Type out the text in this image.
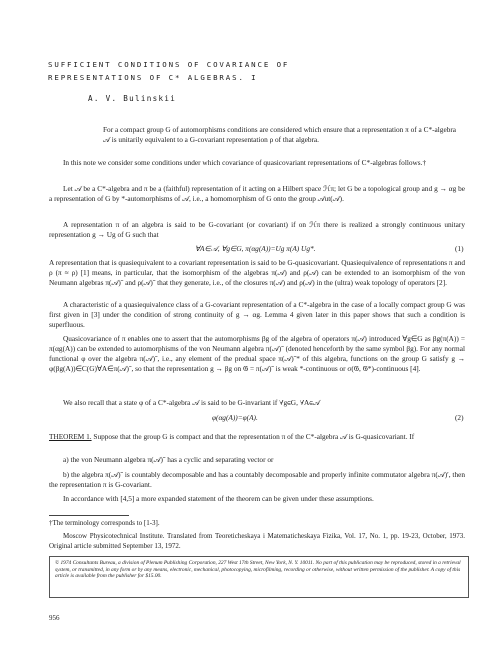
SUFFICIENT CONDITIONS OF COVARIANCE OF
REPRESENTATIONS OF C* ALGEBRAS. I
A. V. Bulinskii
For a compact group G of automorphisms conditions are considered which ensure that a representation π of a C*-algebra 𝒜 is unitarily equivalent to a G-covariant representation ρ of that algebra.
In this note we consider some conditions under which covariance of quasicovariant representations of C*-algebras follows.†
Let 𝒜 be a C*-algebra and π be a (faithful) representation of it acting on a Hilbert space ℋπ; let G be a topological group and g → αg be a representation of G by *-automorphisms of 𝒜, i.e., a homomorphism of G onto the group 𝒜ut(𝒜).
A representation π of an algebra is said to be G-covariant (or covariant) if on ℋπ there is realized a strongly continuous unitary representation g → Ug of G such that
∀A∈𝒜, ∀g∈G, π(αg(A))=Ug π(A) Ug*.	(1)
A representation that is quasiequivalent to a covariant representation is said to be G-quasicovariant. Quasiequivalence of representations π and ρ (π ≈ ρ) [1] means, in particular, that the isomorphism of the algebras π(𝒜) and ρ(𝒜) can be extended to an isomorphism of the von Neumann algebras π(𝒜)⁻ and ρ(𝒜)⁻ that they generate, i.e., of the closures π(𝒜) and ρ(𝒜) in the (ultra) weak topology of operators [2].
A characteristic of a quasiequivalence class of a G-covariant representation of a C*-algebra in the case of a locally compact group G was first given in [3] under the condition of strong continuity of g → αg. Lemma 4 given later in this paper shows that such a condition is superfluous.
Quasicovariance of π enables one to assert that the automorphisms βg of the algebra of operators π(𝒜) introduced ∀g∈G as βg(π(A)) = π(αg(A)) can be extended to automorphisms of the von Neumann algebra π(𝒜)⁻ (denoted henceforth by the same symbol βg). For any normal functional φ over the algebra π(𝒜)⁻, i.e., any element of the predual space π(𝒜)⁻* of this algebra, functions on the group G satisfy g → φ(βg(A))∈C(G)∀A∈π(𝒜)⁻, so that the representation g → βg on 𝔊 = π(𝒜)⁻ is weak *-continuous or σ(𝔊, 𝔊*)-continuous [4].
We also recall that a state φ of a C*-algebra 𝒜 is said to be G-invariant if ∀g∈G, ∀A∈𝒜
φ(αg(A))=φ(A).	(2)
THEOREM 1. Suppose that the group G is compact and that the representation π of the C*-algebra 𝒜 is G-quasicovariant. If
a) the von Neumann algebra π(𝒜)⁻ has a cyclic and separating vector or
b) the algebra π(𝒜)⁻ is countably decomposable and has a countably decomposable and properly infinite commutator algebra π(𝒜)′, then the representation π is G-covariant.
In accordance with [4,5] a more expanded statement of the theorem can be given under these assumptions.
†The terminology corresponds to [1-3].
Moscow Physicotechnical Institute. Translated from Teoreticheskaya i Matematicheskaya Fizika, Vol. 17, No. 1, pp. 19-23, October, 1973. Original article submitted September 13, 1972.
© 1974 Consultants Bureau, a division of Plenum Publishing Corporation, 227 West 17th Street, New York, N. Y. 10011. No part of this publication may be reproduced, stored in a retrieval system, or transmitted, in any form or by any means, electronic, mechanical, photocopying, microfilming, recording or otherwise, without written permission of the publisher. A copy of this article is available from the publisher for $15.00.
956
